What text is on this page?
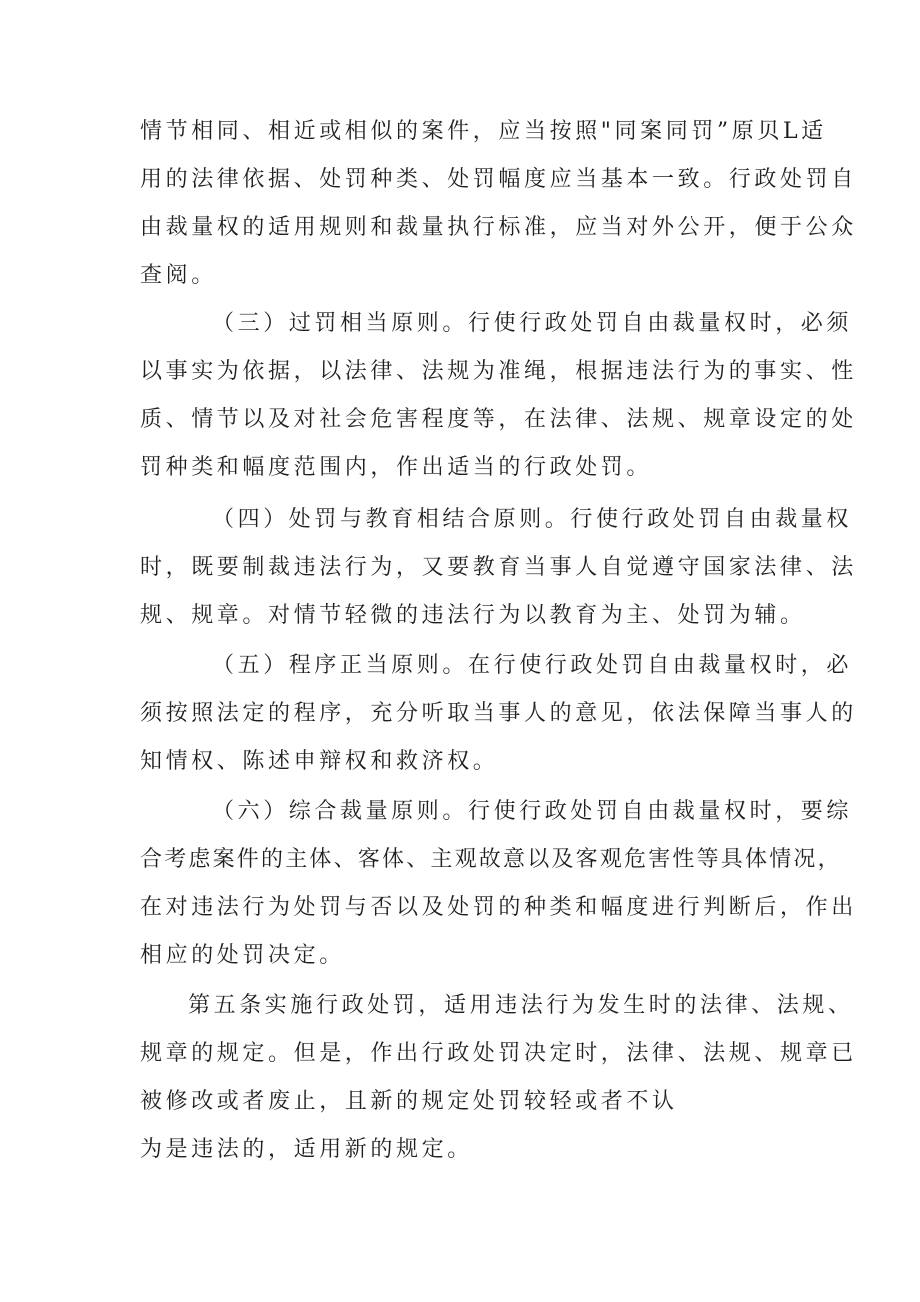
情节相同、相近或相似的案件，应当按照"同案同罚”原贝L适
用的法律依据、处罚种类、处罚幅度应当基本一致。行政处罚自
由裁量权的适用规则和裁量执行标准，应当对外公开，便于公众
查阅。
（三）过罚相当原则。行使行政处罚自由裁量权时，必须
以事实为依据，以法律、法规为准绳，根据违法行为的事实、性
质、情节以及对社会危害程度等，在法律、法规、规章设定的处
罚种类和幅度范围内，作出适当的行政处罚。
（四）处罚与教育相结合原则。行使行政处罚自由裁量权
时，既要制裁违法行为，又要教育当事人自觉遵守国家法律、法
规、规章。对情节轻微的违法行为以教育为主、处罚为辅。
（五）程序正当原则。在行使行政处罚自由裁量权时，必
须按照法定的程序，充分听取当事人的意见，依法保障当事人的
知情权、陈述申辩权和救济权。
（六）综合裁量原则。行使行政处罚自由裁量权时，要综
合考虑案件的主体、客体、主观故意以及客观危害性等具体情况，
在对违法行为处罚与否以及处罚的种类和幅度进行判断后，作出
相应的处罚决定。
第五条实施行政处罚，适用违法行为发生时的法律、法规、
规章的规定。但是，作出行政处罚决定时，法律、法规、规章已
被修改或者废止，且新的规定处罚较轻或者不认
为是违法的，适用新的规定。
